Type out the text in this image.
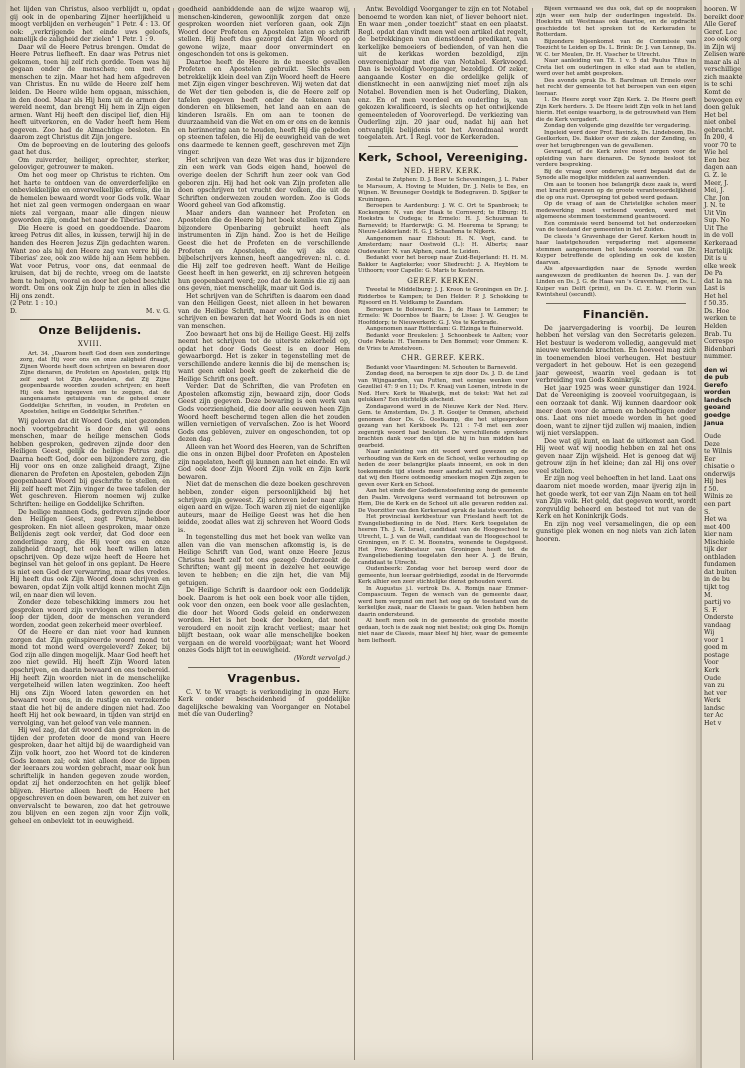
het lijden van Christus, alsoo verblijdt u, opdat gij ook in de openbaring Zijner heerlijkheid u moogt verblijden en verheugen" 1 Petr. 4 : 13. Of ook: „verkrijgende het einde uws geloofs, namelijk de zaligheid der zielen" 1 Petr. 1 : 9.

Daar wil de Heere Petrus brengen. Omdat de Heere Petrus liefheeft. En daar was Petrus niet gekomen, toen hij zelf rich gordde. Toen was hij gegaan onder de menschen; om met de menschen te zijn. Maar het had hem afgedreven van Christus. En nu wilde de Heere zelf hem leiden. De Heere wilde hem opgaan, misschien, in den dood. Maar als Hij hem uit de armen der wereld neemt, dan brengt Hij hem in Zijn eigen armen. Want Hij heeft den discipel lief, dien Hij heeft uitverkoren, en de Vader heeft hem Hem gegeven. Zoo had de Almachtige besloten. En daarom zegt Christus dit Zijn jongere.

Om de beproeving en de loutering des geloofs gaat het dus.

Om zuiverder, heiliger, oprechter, sterker, gelooviger, getrouwer te maken.

Om het oog meer op Christus te richten. Om het harte te ontdoen van de onverderfelijke en onbevlekkelijke en onverwelkelijke erfenis, die in de hemelen bewaard wordt voor Gods volk. Waar het niet zal geen vermogen ondergaan en waar niets zal vergaan, maar alle dingen nieuw geworden zijn, omdat het naar de Tiberias' zee.

Die Heere is goed en goeddoende. Daarom kreeg Petrus dit alles, in kussen, terwijl hij in de handen des Heeren Jezus Zijn gedachten waren. Want zoo als hij den Heere zag van verre bij de Tiberias' zee, ook zoo wilde hij aan Hem hebben. Wat voor Petrus, voor ons, dat eenmaal de kruisen, dat bij de rechte, vroeg om de laatste hem te helpen, vooral en door het gebed beschikt wordt. Om ons ook Zijn hulp te zien in alles die Hij ons zendt.

(2 Petr. 1 : 10.)

D.	M. v. G.
Onze Belijdenis.
XVIII.

Art. 34. „Daarom heeft God doen een zonderlinge zorg, dat Hij voor ons en onze zaligheid draagt, Zijnen Woorde heeft doen schrijven en bewaren door Zijne dienaren, de Profeten en Apostelen, gelijk Hij zelf zegt tot Zijn Apostelen, dat Zij Zijne geopenbaarde woorden zouden schrijven; en heeft Hij ook hen ingegeven om te zeggen, dat de aangenaamste getuigenis van de geheel onzer Goddelijke Schriften, in vouden, in Profeten en Apostelen, heilige en Goddelijke Schriften."

Wij geloven dat dit Woord Gods, niet gezonden noch voortgebracht is door den wil eens menschen, maar de heilige menschen Gods hebben gesproken, gedreven zijnde door den Heiligen Geest, gelijk de heilige Petrus zegt. Daarna heeft God, door een bijzondere zorg, die Hij voor ons en onze zaligheid draagt, Zijne dienaren de Profeten en Apostelen, geboden Zijn geopenbaard Woord bij geschrifte te stellen, en Hij zelf heeft met Zijn vinger de twee tafelen der Wet geschreven. Hierom noemen wij zulke Schriften: heilige en Goddelijke Schriften.

De heilige mannen Gods, gedreven zijnde door den Heiligen Geest, zegt Petrus, hebben gesproken. En niet alleen gesproken, maar onze Belijdenis zegt ook verder, dat God door een zonderlinge zorg, die Hij voor ons en onze zaligheid draagt, het ook heeft willen laten opschrijven. Op deze wijze heeft de Heere het beginsel van het geloof in ons geplant. De Heere is niet een God der verwarring, maar des vredes. Hij heeft dus ook Zijn Woord doen schrijven en bewaren, opdat Zijn volk altijd kennen mocht Zijn wil, en naar dien wil leven.

Zonder deze tebeschikking immers zou het gesproken woord zijn vervlogen en zou in den loop der tijden, door de menschen veranderd worden, zoodat geen zekerheid meer overbleef.

Of de Heere er dan niet voor had kunnen zorgen dat Zijn geïnspireerde woord mond tot mond tot mond werd overgeleverd? Zeker, bij God zijn alle dingen mogelijk. Maar God heeft het zoo niet gewild. Hij heeft Zijn Woord laten opschrijven, en daarin bewaard en ons toebereid. Hij heeft Zijn woorden niet in de menschelijke vergetelheid willen laten wegzinken. Zoo heeft Hij ons Zijn Woord laten geworden en het bewaard voor ons, in de rustige en verzekerde staat die het bij de andere dingen niet had. Zoo heeft Hij het ook bewaard, in tijden van strijd en vervolging, van het geloof van vele mannen.

Hij wel zag, dat dit woord dan gesproken in de tijden der profeten door de mond van Heere gesproken, daar het altijd bij de waardigheid van Zijn volk hoort, zoo het Woord tot de kinderen Gods komen zal; ook niet alleen door de lippen der leeraars zou worden gebracht, maar ook hun schriftelijk in handen gegeven zoude worden, opdat zij het onderzochten en het gelijk bleef blijven. Hiertoe alleen heeft de Heere het opgeschreven en doen bewaren, om het zuiver en onvervalscht te bewaren, zoo dat het getrouwe zou blijven en een zegen zijn voor Zijn volk, geheel en onbevlekt tot in eeuwigheid.

goedheid aanbiddende aan de wijze waarop wij, menschen-kinderen, gewoonlijk zorgen dat onze gesproken woorden niet verloren gaan, ook Zijn Woord door Profeten en Apostelen laten op schrift stellen. Hij heeft dus gezorgd dat Zijn Woord op gewone wijze, maar door onvermindert en ongeschonden tot ons is gekomen.

Daartoe heeft de Heere in de meeste gevallen Profeten en Apostelen gebruikt. Slechts een betrekkelijk klein deel van Zijn Woord heeft de Heere met Zijn eigen vinger beschreven. Wij weten dat dat de Wet der tien geboden is, die de Heere zelf op tafelen gegeven heeft onder de tekenen van donderen en bliksemen, het land aan en aan de kinderen Israëls. En om aan te toonen de duurzaamheid van die Wet en om er ons en de kennis en herinnering aan te houden, heeft Hij die geboden op steenen tafelen, die Hij de eeuwigheid van de wet ons daarmede te kennen geeft, geschreven met Zijn vinger.

Het schrijven van deze Wet was dus ir bijzondere zin een werk van Gods eigen hand, hoewel de overige deelen der Schrift hun zeer ook van God geboren zijn. Hij had het ook van Zijn profeten alle doen opschrijven tot vrucht der volken, die uit de Schriften onderwezen zouden worden. Zoo is Gods Woord geheel van God afkomstig.

Maar anders dan wanneer het Profeten en Apostelen die de Heere bij het boek stellen van Zijne bijzondere Openbaring gebruikt heeft als instrumenten in Zijn hand. Zoo is het de Heilige Geest die het de Profeten en de verschillende Profeten en Apostelen, die wij als onze bijbelschrijvers kennen, heeft aangedreven: nl. c. d. die Hij zelf toe gedreven heeft. Want de Heilige Geest heeft in hen gewerkt, en zij schreven hetgeen hun geopenbaard werd; zoo dat de kennis die zij aan ons geven, niet menschelijk, maar uit God is.

Het schrijven van de Schriften is daarom een daad van den Heiligen Geest, niet alleen in het bewaren van de Heilige Schrift, maar ook in het zoo doen schrijven en bewaren dat het Woord Gods is en niet van menschen.

Zoo bewaart het ons bij de Heilige Geest. Hij zelfs neemt het schrijven tot de uiterste zekerheid op, opdat het door Gods Geest is en door Hem gewaarborgd. Het is zeker in tegenstelling met de verschillende andere kennis die bij de menschen is; want geen enkel boek geeft de zekerheid die de Heilige Schrift ons geeft.

Verder. Dat de Schriften, die van Profeten en Apostelen afkomstig zijn, bewaard zijn, door Gods Geest zijn gegeven. Deze bewaring is een werk van Gods voorzienigheid, die door alle eeuwen heen Zijn Woord heeft beschermd tegen allen die het zouden willen vernietigen of vervalschen. Zoo is het Woord Gods ons gebleven, zuiver en ongeschonden, tot op dezen dag.

Alleen van het Woord des Heeren, van de Schriften die ons in onzen Bijbel door Profeten en Apostelen zijn nagelaten, heeft gij kunnen aan het einde. En wil God ook door Zijn Woord Zijn volk en Zijn kerk bewaren.

Niet dat de menschen die deze boeken geschreven hebben, zonder eigen persoonlijkheid bij het schrijven zijn geweest. Zij schreven ieder naar zijn eigen aard en wijze. Toch waren zij niet de eigenlijke auteurs, maar de Heilige Geest was het die hen leidde, zoodat alles wat zij schreven het Woord Gods is.

In tegenstelling dus met het boek van welke van allen van die van menschen afkomstig is, is de Heilige Schrift van God, want onze Heere Jezus Christus heeft zelf tot ons gezegd: Onderzoekt de Schriften; want gij meent in dezelve het eeuwige leven te hebben; en die zijn het, die van Mij getuigen.

De Heilige Schrift is daardoor ook een Goddelijk boek. Daarom is het ook een boek voor alle tijden, ook voor den onzen, een boek voor alle geslachten, die door het Woord Gods geleid en onderwezen worden. Het is het boek der boeken, dat nooit verouderd en nooit zijn kracht verliest; maar het blijft bestaan, ook waar alle menschelijke boeken vergaan en de wereld voorbijgaat; want het Woord onzes Gods blijft tot in eeuwigheid.

(Wordt vervolgd.)

Vragenbus.

C. V. te W. vraagt: is verkondiging in onze Herv. Kerk onder bescheidenheid of goddelijke dagelijksche bewaking van Voorganger en Notabel met die van Ouderling?

Antw. Bevoldigd Voorganger te zijn en tot Notabel benoemd te worden kan niet, of liever behoort niet. En waar men „onder toezicht" staat en een plaatst. Regl. opdat dan vindt men wel een artikel dat regelt, de betrekkingen van dienstdoend predikant, van kerkelijke bemoeiers of bedienden, of van hen die uit de kerkkas worden bezoldigd, zijn onvereenigbaar met die van Notabel. Kerkvoogd. Dan is bevoldigd Voorganger, bezoldigd. Of zeker, aangaande Koster en die ordelijke gelijk of dienstknecht in een aanwijzing niet moet zijn als Notabel. Bovendien men is het Ouderling, Diaken, enz. En of men voordeel en ouderling is, van gekozen kwalificeerd, is slechts op het ontwijkende gemeenteleden of Vooroverlegd. De verkiezing van Ouderling zijn. 20 jaar oud, nadat hij aan het ontvanglijk belijdenis tot het Avondmaal wordt toegelaten. Art. 1 Regl. voor de Kerkeraden.

Kerk, School, Vereeniging.
NED. HERV. KERK.

Zestal te Zutphen: D. J. Boer te Scheveningen, J. L. Faber te Marssum, A. Hoving te Muiden, Dr. J. Nelis te Ees, en Wijnen. W. Breuneger Oostdijk te Bodegraven. D. Spijker te Kruiningen.

Beroepen te Aardenburg: J. W. C. Ort te Spanbroek; te Kockengen: N. van der Haak te Cornwerd; te Elburg: H. Hoekstra te Oudega; te Ermelo: H. J. Schuurman te Barneveld; te Harderwijk: G. M. Heerema te Sprang; te Nieuw-Lekkerland: H. G. J. Schaafsma te Nijkerk.

Aangenomen naar Elshout: H. N. Vogt, cand. te Amsterdam; naar Oostwold (L.): H. Alberts; naar Oudewater: N. van Alphen, cand. te Leiden.

Bedankt voor het beroep naar Zuid-Beijerland: H. H. M. Bakker te Aagtekerke; voor Sliedrecht: J. A. Heyblom te Uithoorn; voor Capelle: G. Maris te Kesteren.

GEREF. KERKEN.

Tweetal te Middelburg: J. J. Kroon te Groningen en Dr. J. Ridderbos te Kampen; te Den Helder: P. J. Schokking te Rijsoord en H. Veldkamp te Zaandam.

Beroepen te Bolsward: Ds. J. de Haas te Lemmer; te Ermelo: W. Doornbos te Baarn; te Lisse: J. W. Geugjes te Hoofddorp; te Nieuwerkerk: G. J. Vos te Kerkrade.

Aangenomen naar Rotterdam: G. Elzinga te Ruinerwold.

Bedankt voor Breukelen: J. Schoonbeek te Aalten; voor Oude Pekela: H. Tiemens te Den Bommel; voor Ommen: K. de Vries te Amstelveen.

CHR. GEREF. KERK.

Bedankt voor Vlaardingen: M. Schouten te Barneveld.

Zondag deed, na beroepen te zijn door Ds. J. D. de Lind van Wijngaarden, van Putten, met eenige wenken voor Gezelliel 47: 9 en 11; Ds. F. Kraaij van Loenen, intrede in de Ned. Herv. Kerk te Waalwijk, met de tekst: Wat het zal gelukken? Een stichtelijk afscheid.

Zondagavond werd in de Nieuwe Kerk der Ned. Herv. Gem. te Amsterdam, Ds. J. R. Gooijer te Ommen, afscheid genomen door Ds. G. Oostkamp, die het uitgesproken gezang van het Kerkboek Ps. 121 : 7-8 met een zeer zegenrijk woord had besloten. De verschillende sprekers brachten dank voor den tijd die hij in hun midden had gearbeid.

Naar aanleiding van dit woord werd gewezen op de verhouding van de Kerk en de School, welke verhouding op heden de zeer belangrijke plaats inneemt, en ook in den toekomende tijd steeds meer aandacht zal verdienen, zoo dat wij den Heere ootmoedig smeeken mogen Zijn zegen te geven over Kerk en School.

Aan het einde der Godsdienstoefening zong de gemeente den Psalm. Vervolgens werd vermaand tot betrouwen op Hem, Die de Kerk en de School uit alle gevaren redden zal. De Voorzitter van den Kerkeraad sprak de laatste woorden.

Het provinciaal kerkbestuur van Friesland heeft tot de Evangeliebediening in de Ned. Herv. Kerk toegelaten de heeren Th. J. K. Israel, candidaat van de Hoogeschool te Utrecht, L. J. van de Wall, candidaat van de Hoogeschool te Groningen, en F. C. M. Boonstra, wonende te Oegstgeest. Het Prov. Kerkbestuur van Groningen heeft tot de Evangeliebediening toegelaten den heer A. J. de Bruin, candidaat te Utrecht.

Oudenbeerk: Zondag voor het beroep werd door de gemeente, hun leeraar geërbiedigd, zoodat in de Hervormde Kerk alhier een zeer stichtelijke dienst gehouden werd.

In Augustus j.l. vertrok Ds. A. Romijn naar Emmer-Compascuum. Tegen de wensch van de gemeente daar, werd hem vergund om met het oog op de toestand van de kerkelijke zaak, naar de Classis te gaan. Velen hebben hem daarin ondersteund.

Al heeft men ook in de gemeente de grootste moeite gedaan, toch is de zaak nog niet beslist; ook ging Ds. Romijn niet naar de Classis, maar bleef hij hier, waar de gemeente hem liefheeft.

Bijeen vermaand we dus ook, dat op de noopraken zijn weer een hulp der ouderlingen ingesteld. Ds. Hoekstra uit Westmaas ook daartoe, en de opdracht geschiedde tot het spreken tot de Kerkeraden te Rotterdam.

Bijzondere bijeenkomst van de Commissie van Toezicht te Leiden op Ds. L. Brink: Dr. J. van Lennep, Ds. W. C. ter Meulen, Dr. H. Visscher te Utrecht.

Naar aanleiding van Tit. 1 v. 5 dat Paulus Titus in Creta liet om ouderlingen in elke stad aan te stellen, werd over het ambt gesproken.

Des avonds sprak Ds. B. Barelman uit Ermelo over het recht der gemeente tot het beroepen van een eigen leeraar.

1. De Heere zorgt voor Zijn Kerk. 2. De Heere geeft Zijn Kerk herders. 3. De Heere leidt Zijn volk in het land hierin. Het eenige waarborg, is de getrouwheid van Hem die de Kerk vergadert.

Zondag den volgende ging dezelfde ter vergadering.

Ingeleid werd door Prof. Bavinck, Ds. Lindeboom, Ds. Geelkerken, Ds. Bakker over de zaken der Zending, en over het terugbrengen van de gevallenen.

Gevraagd, of de Kerk zelve moet zorgen voor de opleiding van hare dienaren. De Synode besloot tot verdere bespreking.

Bij de vraag over onderwijs werd bepaald dat de Synode alle mogelijke middelen zal aanwenden.

Om aan te toonen hoe belangrijk deze zaak is, werd met kracht gewezen op de groote verantwoordelijkheid die op ons rust. Oproeping tot gebed werd gedaan.

Op de vraag of aan de Christelijke scholen meer medewerking moet verleend worden, werd met algemeene stemmen toestemmend geantwoord.

Een commissie werd benoemd tot het onderzoeken van de toestand der gemeenten in het Zuiden.

De classis 's Gravenhage der Geref. Kerken houdt in haar laatstgehouden vergadering met algemeene stemmen aangenomen het bekende voorstel van Dr. Kuyper betreffende de opleiding en ook de kosten daarvan.

Als afgevaardigden naar de Synode werden aangewezen de predikanten de heeren Ds. J. van der Linden en Ds. J. G. de Haas van 's Gravenhage, en Ds. L. Kuiper van Delft (primi), en Ds. C. E. W. Florin van Kwintsheul (secundi).

Financiën.

De jaarvergadering is voorbij. De leuren hebben het verslag van den Secretaris gelezen. Het bestuur is wederom volledig, aangevuld met nieuwe werkende krachten. En hoeveel mag zich in toenemenden bloei verheugen. Het bestuur vergadert in het gebouw. Het is een gezegend jaar geweest, waarin veel gedaan is tot verbreiding van Gods Koninkrijk.

Het jaar 1925 was weer gunstiger dan 1924. Dat de Vereeniging is zooveel vooruitgegaan, is een oorzaak tot dank. Wij kunnen daardoor ook meer doen voor de armen en behoeftigen onder ons. Laat ons niet moede worden in het goed doen, want te zijner tijd zullen wij maaien, indien wij niet verslappen.

Doe wat gij kunt, en laat de uitkomst aan God. Hij weet wat wij noodig hebben en zal het ons geven naar Zijn wijsheid. Het is genoeg dat wij getrouw zijn in het kleine; dan zal Hij ons over veel stellen.

Er zijn nog veel behoeften in het land. Laat ons daarom niet moede worden, maar ijverig zijn in het goede werk, tot eer van Zijn Naam en tot heil van Zijn volk. Het geld, dat gegeven wordt, wordt zorgvuldig beheerd en besteed tot nut van de Kerk en het Koninkrijk Gods.

En zijn nog veel versamelingen, die op een gunstige plek wonen en nog niets van zich laten hooren.

hooren. W
bereikt door
Alle Geref
Geref. Loc
zoo ook org
in Zijn wij
Zelisen ware
maar als al
verschillige
zich maakte
is te schi
Komt de
bewogen ev
doen geluk
Het bel
niet onbel
gebracht.
In 200, 4
voor 70 te
Wie hel
Een bez
dagen aan
G. Z. le
Meer, J.
Mei, J.
Chr. Jon
J. N. te
Uit Vin
Sup. No
Uit The
in de voll
Kerkeraad
Hartelijk
Dit is u
elke week
De Pa
dat la na
Last is
Het hel
f 50.35.
Ds. Hoe
werken te
Helden
Brab. Tu
Correspo
Bidenbari
nummer.
den wi
de pub
Gerefo
worden
landsch
geoand
goedge
Janua
Oude
Deze
te Wilnis
Eer
chisatie o
onderwijs
Hij bes
f 50.
Wilnis ze
een part
S.
Het wa
met 400
kier nam
Mischiele
tijk der
ontbladen
fundamen
dat buiten
in de bu
tijkt tog
M.
partij vo
S. F.
Onderste
vandaag
Wij
voor 1
goed m
postage
Voor
Kerk
Oude
van zu
het ver
Werk
landsc
ter Ac
Het v
